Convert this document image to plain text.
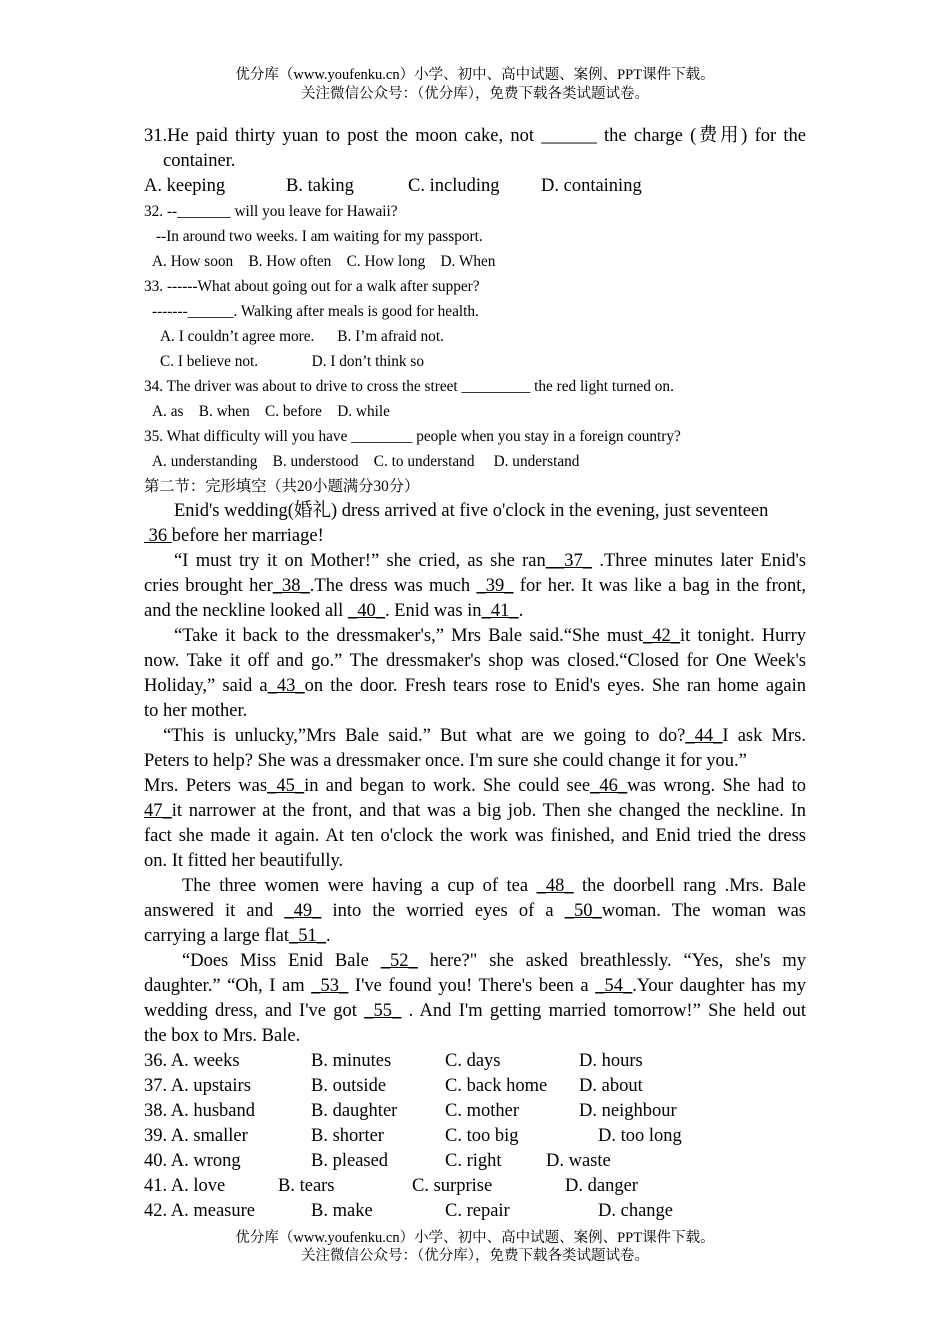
优分库（www.youfenku.cn）小学、初中、高中试题、案例、PPT课件下载。
关注微信公众号：（优分库），免费下载各类试题试卷。
31.He paid thirty yuan to post the moon cake, not ______ the charge (费用) for the
container.
A. keeping	B. taking	C. including D. containing
32. --_______ will you leave for Hawaii?
--In around two weeks. I am waiting for my passport.
A. How soon    B. How often    C. How long    D. When
33. ------What about going out for a walk after supper?
-------______. Walking after meals is good for health.
A. I couldn’t agree more.      B. I’m afraid not.
C. I believe not.              D. I don’t think so
34. The driver was about to drive to cross the street _________ the red light turned on.
A. as    B. when    C. before    D. while
35. What difficulty will you have ________ people when you stay in a foreign country?
A. understanding    B. understood    C. to understand     D. understand
第二节：完形填空（共20小题满分30分）
Enid's wedding(婚礼) dress arrived at five o'clock in the evening, just seventeen
36 before her marriage!
“I must try it on Mother!” she cried, as she ran__37_ .Three minutes later Enid's
cries brought her_38_.The dress was much _39_ for her. It was like a bag in the front,
and the neckline looked all _40_. Enid was in_41_.
“Take it back to the dressmaker's,” Mrs Bale said.“She must_42_it tonight. Hurry
now. Take it off and go.” The dressmaker's shop was closed.“Closed for One Week's
Holiday,” said a_43_on the door. Fresh tears rose to Enid's eyes. She ran home again
to her mother.
“This is unlucky,”Mrs Bale said.” But what are we going to do?_44_I ask Mrs.
Peters to help? She was a dressmaker once. I'm sure she could change it for you.”
Mrs. Peters was_45_in and began to work. She could see_46_was wrong. She had to
47_it narrower at the front, and that was a big job. Then she changed the neckline. In
fact she made it again. At ten o'clock the work was finished, and Enid tried the dress
on. It fitted her beautifully.
The three women were having a cup of tea _48_ the doorbell rang .Mrs. Bale
answered it and _49_ into the worried eyes of a _50_woman. The woman was
carrying a large flat_51_.
“Does Miss Enid Bale _52_ here?" she asked breathlessly. “Yes, she's my
daughter.” “Oh, I am _53_ I've found you! There's been a _54_.Your daughter has my
wedding dress, and I've got _55_ . And I'm getting married tomorrow!” She held out
the box to Mrs. Bale.
36. A. weeks	B. minutes	C. days	D. hours
37. A. upstairs	B. outside	C. back home D. about
38. A. husband	B. daughter	C. mother	D. neighbour
39. A. smaller	B. shorter	C. too big	D. too long
40. A. wrong	B. pleased	C. right D. waste
41. A. love	B. tears	C. surprise	D. danger
42. A. measure	B. make	C. repair	D. change
优分库（www.youfenku.cn）小学、初中、高中试题、案例、PPT课件下载。
关注微信公众号：（优分库），免费下载各类试题试卷。
